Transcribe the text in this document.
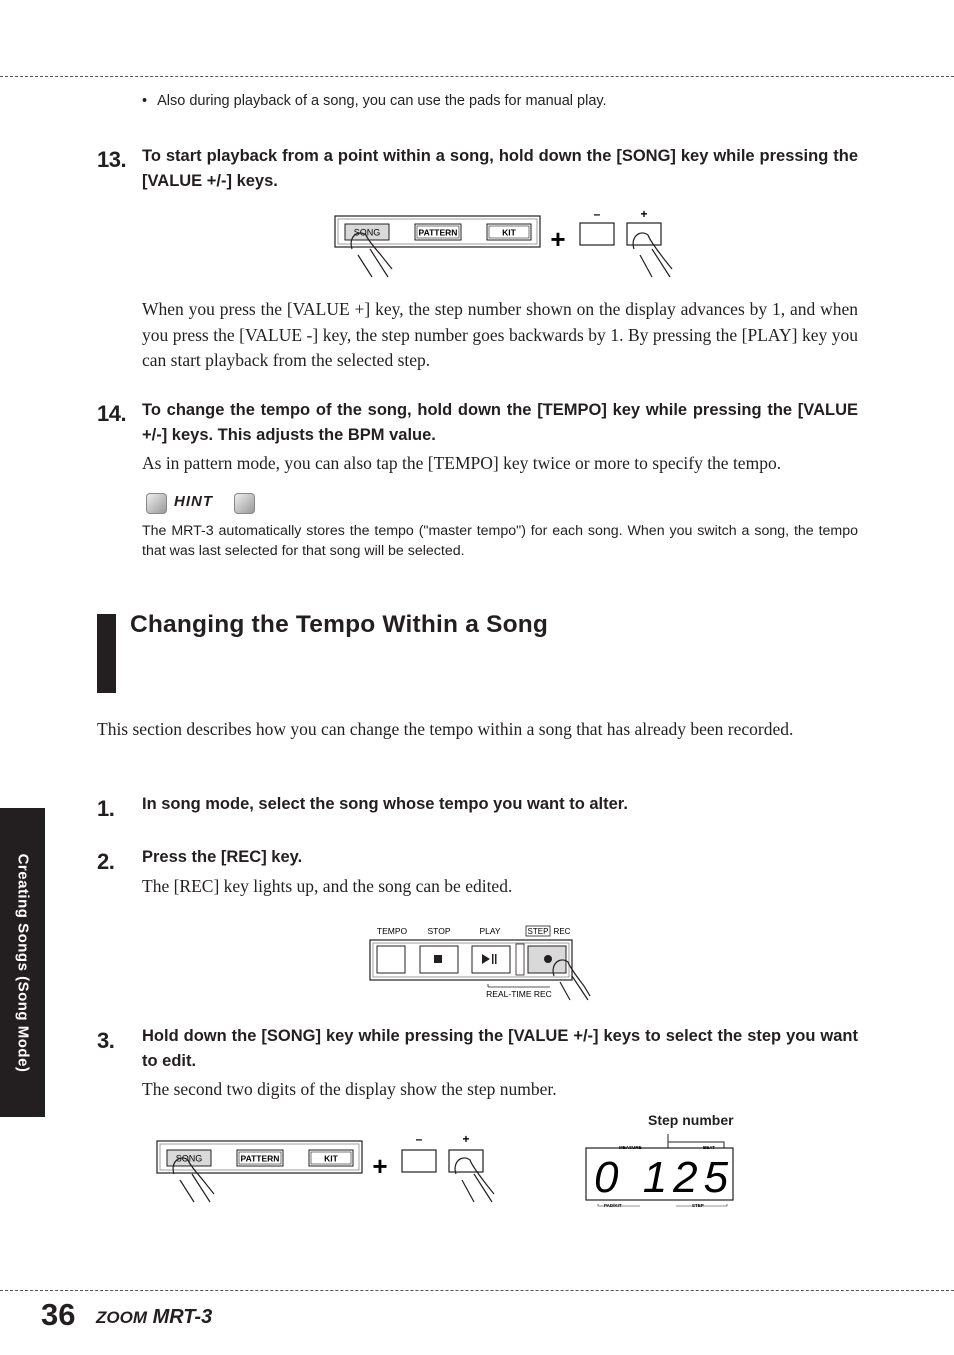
• Also during playback of a song, you can use the pads for manual play.
13. To start playback from a point within a song, hold down the [SONG] key while pressing the [VALUE +/-] keys.
SONG	PATTERN	KIT +
–	+
When you press the [VALUE +] key, the step number shown on the display advances by 1, and when you press the [VALUE -] key, the step number goes backwards by 1. By pressing the [PLAY] key you can start playback from the selected step.
14. To change the tempo of the song, hold down the [TEMPO] key while pressing the [VALUE +/-] keys. This adjusts the BPM value.
As in pattern mode, you can also tap the [TEMPO] key twice or more to specify the tempo.
HINT
The MRT-3 automatically stores the tempo ("master tempo") for each song. When you switch a song, the tempo that was last selected for that song will be selected.
Changing the Tempo Within a Song
This section describes how you can change the tempo within a song that has already been recorded.
1. In song mode, select the song whose tempo you want to alter.
2. Press the [REC] key.
The [REC] key lights up, and the song can be edited.
TEMPO STOP	PLAY	STEP REC
REAL-TIME REC
3. Hold down the [SONG] key while pressing the [VALUE +/-] keys to select the step you want to edit.
The second two digits of the display show the step number.
SONG	PATTERN	KIT +
–	+
Step number
MEASURE	BEAT
0 125
PAD/KIT	STEP
Creating Songs (Song Mode)
36 ZOOM MRT-3
